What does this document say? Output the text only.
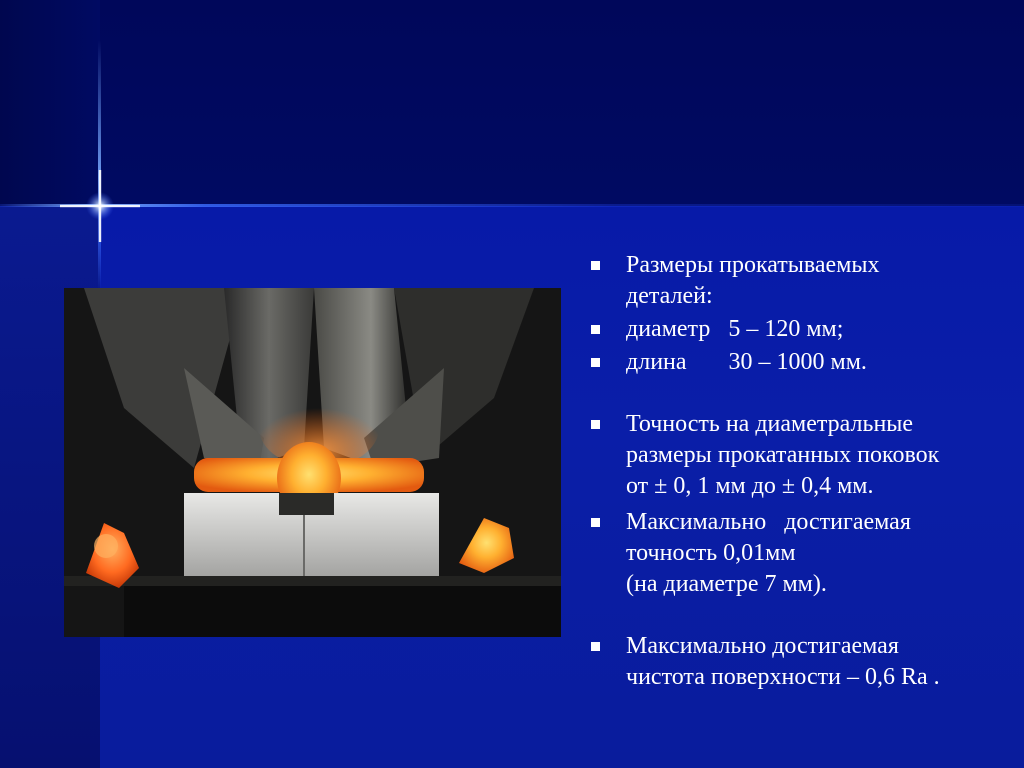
Размеры прокатываемых
деталей:
диаметр   5 – 120 мм;
длина       30 – 1000 мм.
Точность на диаметральные
размеры прокатанных поковок
от ± 0, 1 мм до ± 0,4 мм.
Максимально   достигаемая
точность 0,01мм
(на диаметре 7 мм).
Максимально достигаемая
чистота поверхности – 0,6 Ra .
